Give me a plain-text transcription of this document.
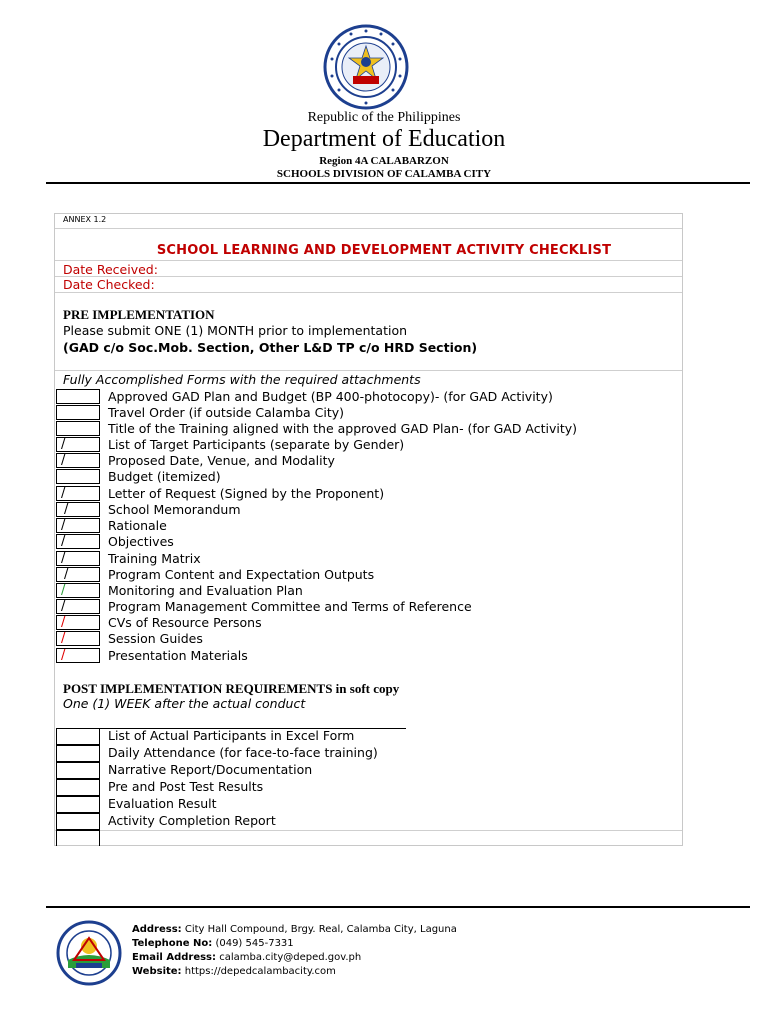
Republic of the Philippines
Department of Education
Region 4A CALABARZON
SCHOOLS DIVISION OF CALAMBA CITY
ANNEX 1.2
SCHOOL LEARNING AND DEVELOPMENT ACTIVITY CHECKLIST
Date Received:
Date Checked:
PRE IMPLEMENTATION
Please submit ONE (1) MONTH prior to implementation
(GAD c/o Soc.Mob. Section, Other L&D TP c/o HRD Section)
Fully Accomplished Forms with the required attachments
Approved GAD Plan and Budget (BP 400-photocopy)- (for GAD Activity)
Travel Order (if outside Calamba City)
Title of the Training aligned with the approved GAD Plan- (for GAD Activity)
/	List of Target Participants (separate by Gender)
/	Proposed Date, Venue, and Modality
Budget (itemized)
/	Letter of Request (Signed by the Proponent)
/	School Memorandum
/	Rationale
/	Objectives
/	Training Matrix
/	Program Content and Expectation Outputs
/	Monitoring and Evaluation Plan
/	Program Management Committee and Terms of Reference
/	CVs of Resource Persons
/	Session Guides
/	Presentation Materials
POST IMPLEMENTATION REQUIREMENTS in soft copy
One (1) WEEK after the actual conduct
List of Actual Participants in Excel Form
Daily Attendance (for face-to-face training)
Narrative Report/Documentation
Pre and Post Test Results
Evaluation Result
Activity Completion Report
Address: City Hall Compound, Brgy. Real, Calamba City, Laguna
Telephone No: (049) 545-7331
Email Address: calamba.city@deped.gov.ph
Website: https://depedcalambacity.com
